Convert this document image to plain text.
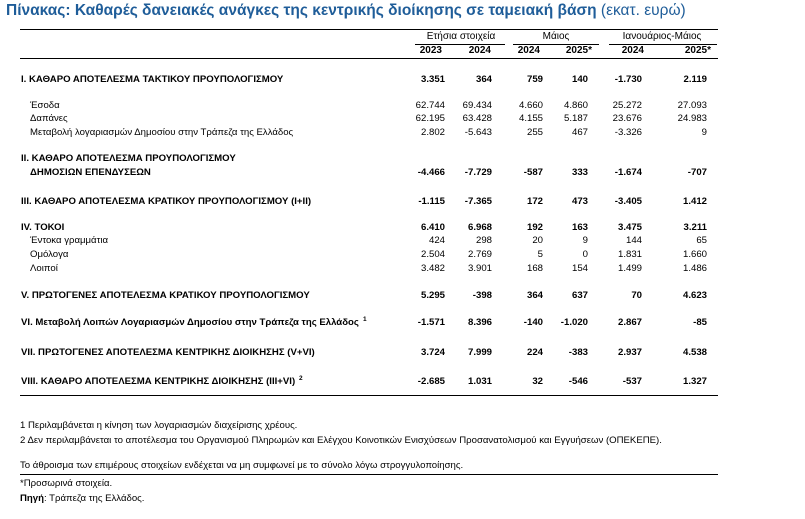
Πίνακας: Καθαρές δανειακές ανάγκες της κεντρικής διοίκησης σε ταμειακή βάση (εκατ. ευρώ)
Ετήσια στοιχεία	Μάιος	Ιανουάριος-Μάιος
2023	2024	2024	2025*	2024	2025*
I. ΚΑΘΑΡΟ ΑΠΟΤΕΛΕΣΜΑ ΤΑΚΤΙΚΟΥ ΠΡΟΥΠΟΛΟΓΙΣΜΟΥ	3.351	364	759	140	-1.730	2.119
Έσοδα	62.744	69.434	4.660	4.860	25.272	27.093
Δαπάνες	62.195	63.428	4.155	5.187	23.676	24.983
Μεταβολή λογαριασμών Δημοσίου στην Τράπεζα της Ελλάδος	2.802	-5.643	255	467	-3.326	9
II. ΚΑΘΑΡΟ ΑΠΟΤΕΛΕΣΜΑ ΠΡΟΥΠΟΛΟΓΙΣΜΟΥ
ΔΗΜΟΣΙΩΝ ΕΠΕΝΔΥΣΕΩΝ	-4.466	-7.729	-587	333	-1.674	-707
III. ΚΑΘΑΡΟ ΑΠΟΤΕΛΕΣΜΑ ΚΡΑΤΙΚΟΥ ΠΡΟΥΠΟΛΟΓΙΣΜΟΥ (I+II)	-1.115	-7.365	172	473	-3.405	1.412
IV. ΤΟΚΟΙ	6.410	6.968	192	163	3.475	3.211
Έντοκα γραμμάτια	424	298	20	9	144	65
Ομόλογα	2.504	2.769	5	0	1.831	1.660
Λοιποί	3.482	3.901	168	154	1.499	1.486
V. ΠΡΩΤΟΓΕΝΕΣ ΑΠΟΤΕΛΕΣΜΑ ΚΡΑΤΙΚΟΥ ΠΡΟΥΠΟΛΟΓΙΣΜΟΥ	5.295	-398	364	637	70	4.623
VI. Μεταβολή Λοιπών Λογαριασμών Δημοσίου στην Τράπεζα της Ελλάδος 1	-1.571	8.396	-140	-1.020	2.867	-85
VII. ΠΡΩΤΟΓΕΝΕΣ ΑΠΟΤΕΛΕΣΜΑ ΚΕΝΤΡΙΚΗΣ ΔΙΟΙΚΗΣΗΣ (V+VI)	3.724	7.999	224	-383	2.937	4.538
VIII. ΚΑΘΑΡΟ ΑΠΟΤΕΛΕΣΜΑ ΚΕΝΤΡΙΚΗΣ ΔΙΟΙΚΗΣΗΣ (III+VI) 2	-2.685	1.031	32	-546	-537	1.327
1 Περιλαμβάνεται η κίνηση των λογαριασμών διαχείρισης χρέους.
2 Δεν περιλαμβάνεται το αποτέλεσμα του Οργανισμού Πληρωμών και Ελέγχου Κοινοτικών Ενισχύσεων Προσανατολισμού και Εγγυήσεων (ΟΠΕΚΕΠΕ).
Το άθροισμα των επιμέρους στοιχείων ενδέχεται να μη συμφωνεί με το σύνολο λόγω στρογγυλοποίησης.
*Προσωρινά στοιχεία.
Πηγή: Τράπεζα της Ελλάδος.
